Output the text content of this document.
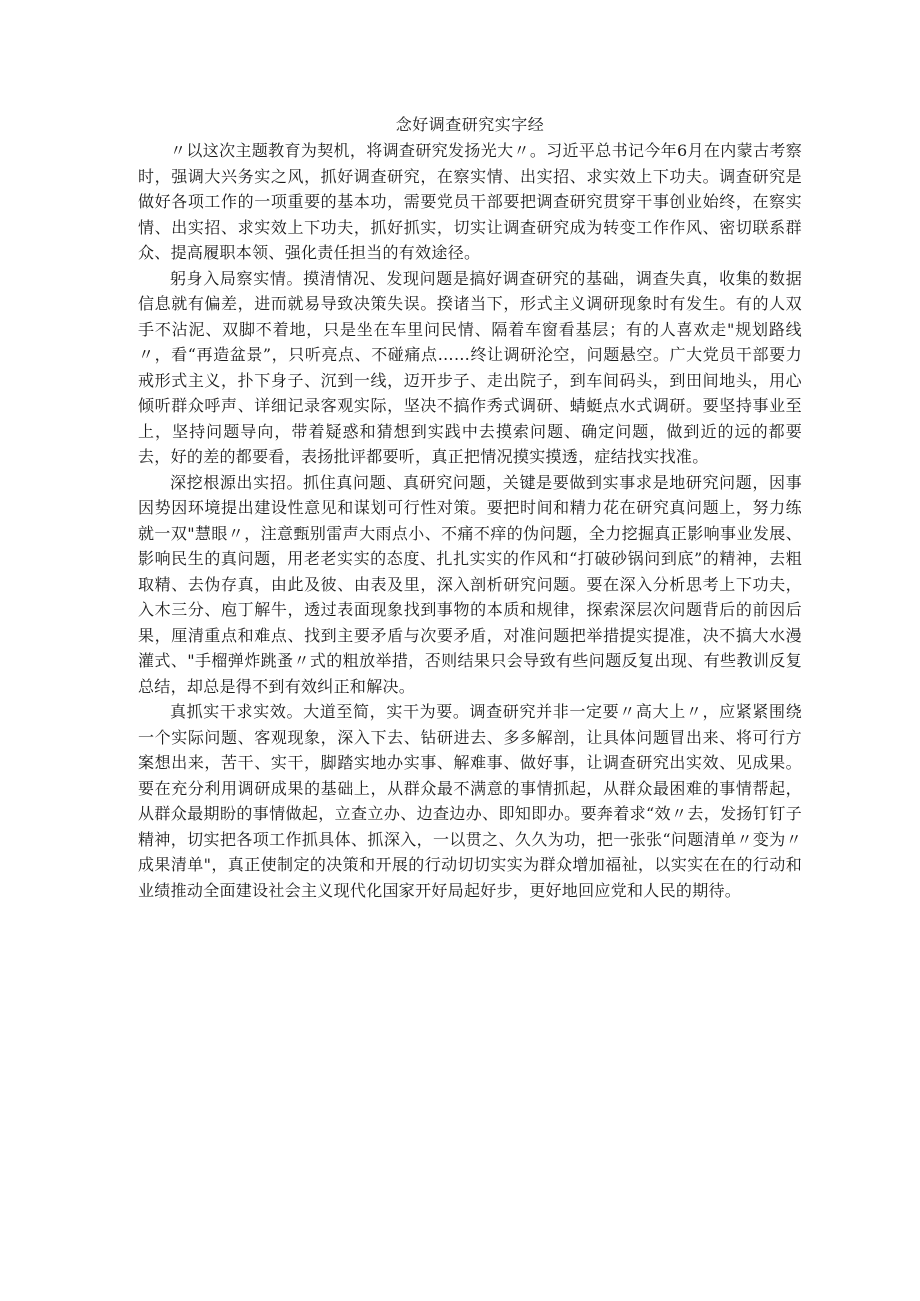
念好调查研究实字经

〃以这次主题教育为契机，将调查研究发扬光大〃。习近平总书记今年6月在内蒙古考察时，强调大兴务实之风，抓好调查研究，在察实情、出实招、求实效上下功夫。调查研究是做好各项工作的一项重要的基本功，需要党员干部要把调查研究贯穿干事创业始终，在察实情、出实招、求实效上下功夫，抓好抓实，切实让调查研究成为转变工作作风、密切联系群众、提高履职本领、强化责任担当的有效途径。

躬身入局察实情。摸清情况、发现问题是搞好调查研究的基础，调查失真，收集的数据信息就有偏差，进而就易导致决策失误。揆诸当下，形式主义调研现象时有发生。有的人双手不沾泥、双脚不着地，只是坐在车里问民情、隔着车窗看基层；有的人喜欢走"规划路线〃，看“再造盆景”，只听亮点、不碰痛点……终让调研沦空，问题悬空。广大党员干部要力戒形式主义，扑下身子、沉到一线，迈开步子、走出院子，到车间码头，到田间地头，用心倾听群众呼声、详细记录客观实际，坚决不搞作秀式调研、蜻蜓点水式调研。要坚持事业至上，坚持问题导向，带着疑惑和猜想到实践中去摸索问题、确定问题，做到近的远的都要去，好的差的都要看，表扬批评都要听，真正把情况摸实摸透，症结找实找准。

深挖根源出实招。抓住真问题、真研究问题，关键是要做到实事求是地研究问题，因事因势因环境提出建设性意见和谋划可行性对策。要把时间和精力花在研究真问题上，努力练就一双"慧眼〃，注意甄别雷声大雨点小、不痛不痒的伪问题，全力挖掘真正影响事业发展、影响民生的真问题，用老老实实的态度、扎扎实实的作风和“打破砂锅问到底”的精神，去粗取精、去伪存真，由此及彼、由表及里，深入剖析研究问题。要在深入分析思考上下功夫，入木三分、庖丁解牛，透过表面现象找到事物的本质和规律，探索深层次问题背后的前因后果，厘清重点和难点、找到主要矛盾与次要矛盾，对准问题把举措提实提准，决不搞大水漫灌式、"手榴弹炸跳蚤〃式的粗放举措，否则结果只会导致有些问题反复出现、有些教训反复总结，却总是得不到有效纠正和解决。

真抓实干求实效。大道至简，实干为要。调查研究并非一定要〃高大上〃，应紧紧围绕一个实际问题、客观现象，深入下去、钻研进去、多多解剖，让具体问题冒出来、将可行方案想出来，苦干、实干，脚踏实地办实事、解难事、做好事，让调查研究出实效、见成果。要在充分利用调研成果的基础上，从群众最不满意的事情抓起，从群众最困难的事情帮起，从群众最期盼的事情做起，立查立办、边查边办、即知即办。要奔着求“效〃去，发扬钉钉子精神，切实把各项工作抓具体、抓深入，一以贯之、久久为功，把一张张“问题清单〃变为〃成果清单"，真正使制定的决策和开展的行动切切实实为群众增加福祉，以实实在在的行动和业绩推动全面建设社会主义现代化国家开好局起好步，更好地回应党和人民的期待。
